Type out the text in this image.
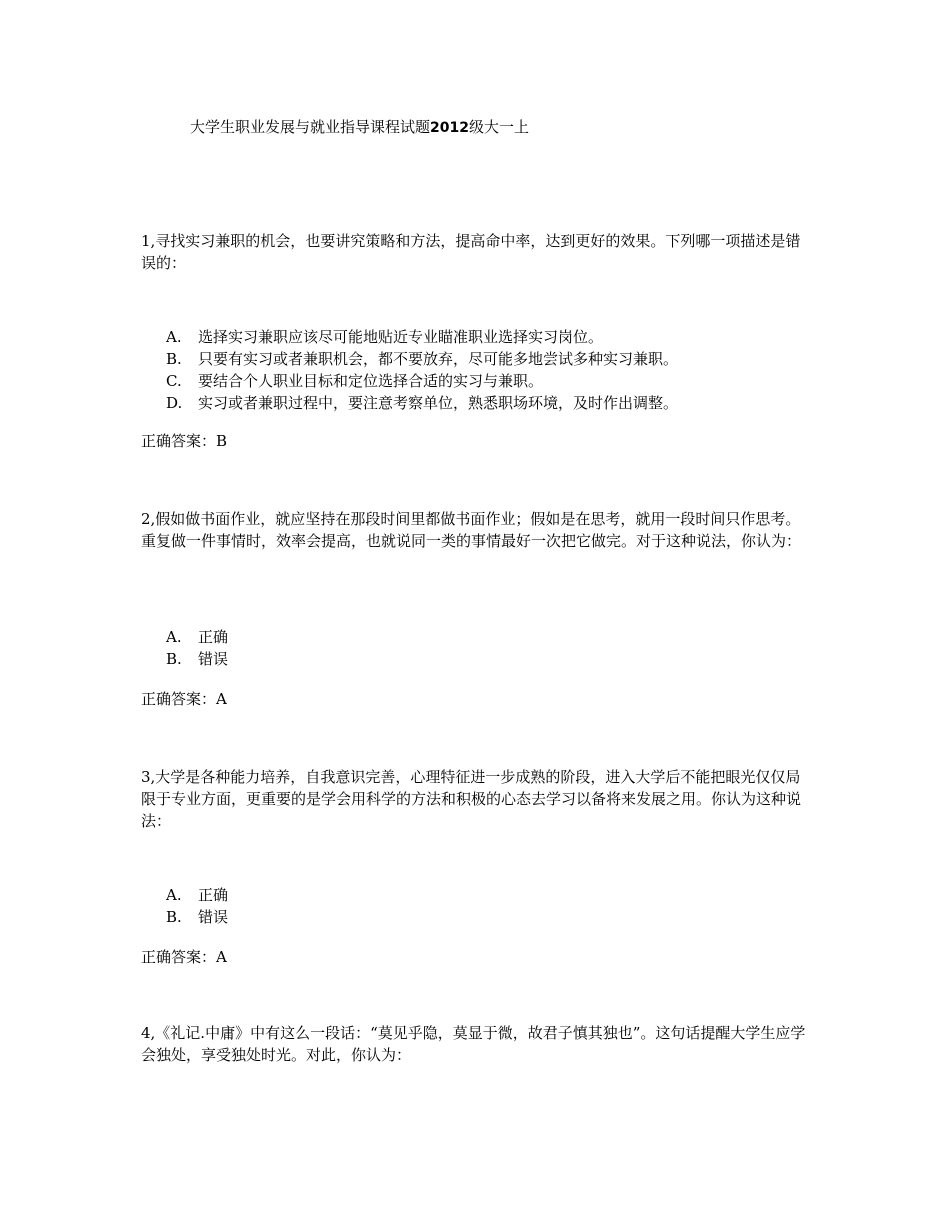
大学生职业发展与就业指导课程试题2012级大一上

1,寻找实习兼职的机会，也要讲究策略和方法，提高命中率，达到更好的效果。下列哪一项描述是错误的：

A. 选择实习兼职应该尽可能地贴近专业瞄准职业选择实习岗位。
B. 只要有实习或者兼职机会，都不要放弃，尽可能多地尝试多种实习兼职。
C. 要结合个人职业目标和定位选择合适的实习与兼职。
D. 实习或者兼职过程中，要注意考察单位，熟悉职场环境，及时作出调整。
正确答案：B

2,假如做书面作业，就应坚持在那段时间里都做书面作业；假如是在思考，就用一段时间只作思考。重复做一件事情时，效率会提高，也就说同一类的事情最好一次把它做完。对于这种说法，你认为：

A. 正确
B. 错误
正确答案：A

3,大学是各种能力培养，自我意识完善，心理特征进一步成熟的阶段，进入大学后不能把眼光仅仅局限于专业方面，更重要的是学会用科学的方法和积极的心态去学习以备将来发展之用。你认为这种说法：

A. 正确
B. 错误
正确答案：A

4,《礼记.中庸》中有这么一段话：“莫见乎隐，莫显于微，故君子慎其独也”。这句话提醒大学生应学会独处，享受独处时光。对此，你认为：
